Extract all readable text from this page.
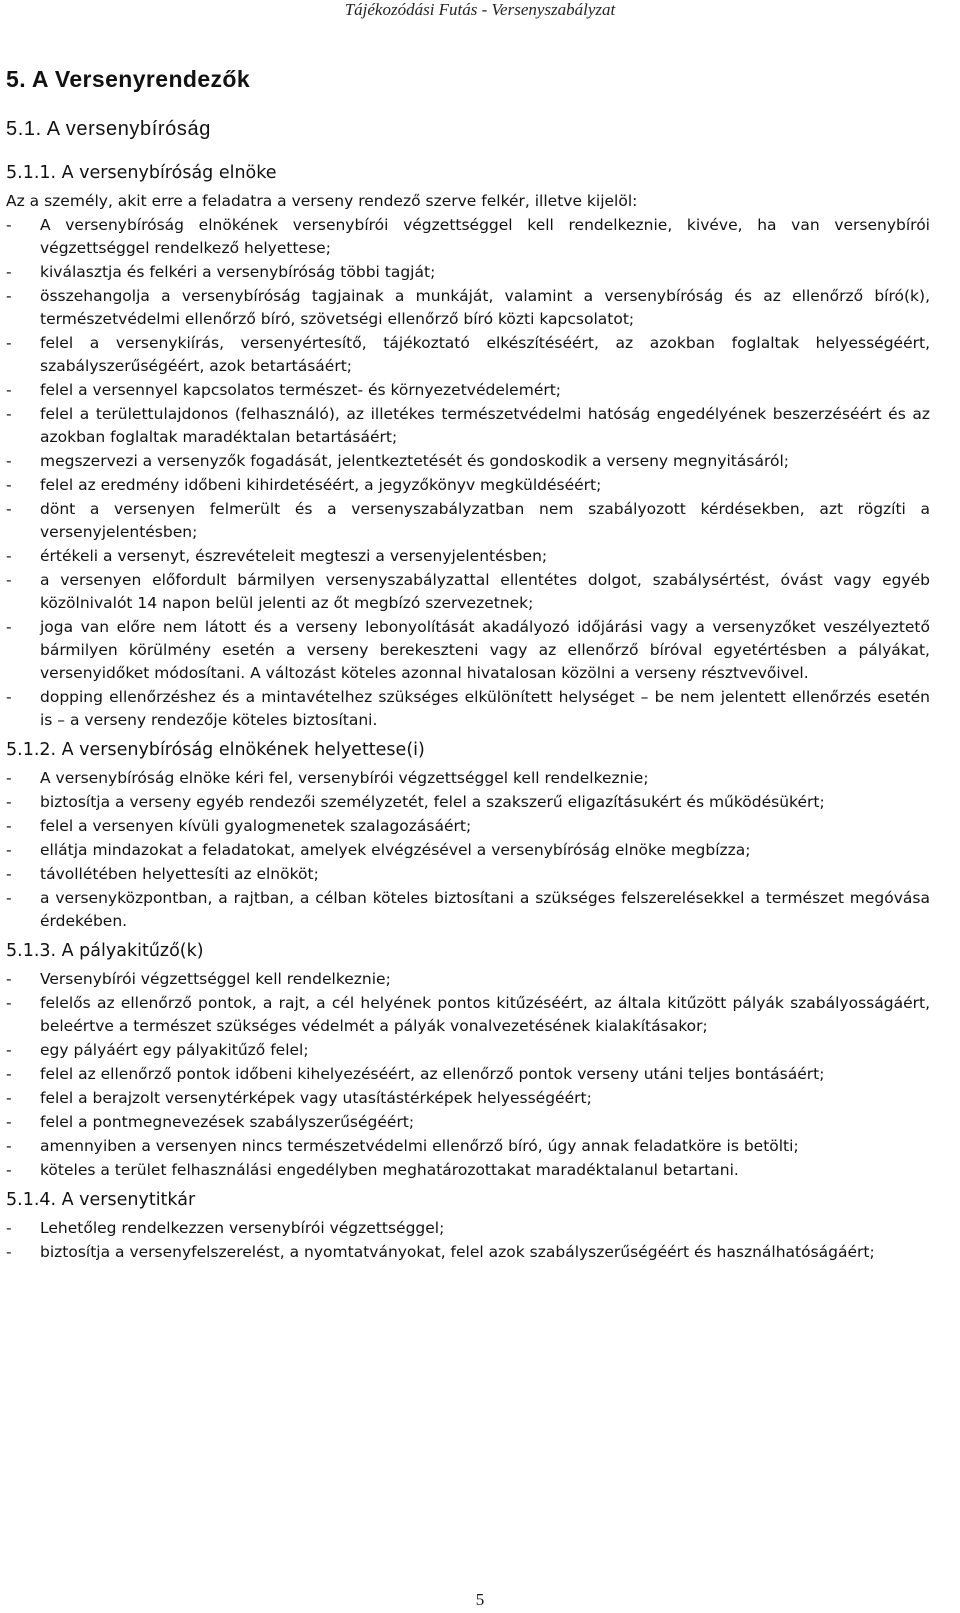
Tájékozódási Futás - Versenyszabályzat
5. A Versenyrendezők
5.1. A versenybíróság
5.1.1. A versenybíróság elnöke

Az a személy, akit erre a feladatra a verseny rendező szerve felkér, illetve kijelöl:

- A versenybíróság elnökének versenybírói végzettséggel kell rendelkeznie, kivéve, ha van versenybírói végzettséggel rendelkező helyettese;
- kiválasztja és felkéri a versenybíróság többi tagját;
- összehangolja a versenybíróság tagjainak a munkáját, valamint a versenybíróság és az ellenőrző bíró(k), természetvédelmi ellenőrző bíró, szövetségi ellenőrző bíró közti kapcsolatot;
- felel a versenykiírás, versenyértesítő, tájékoztató elkészítéséért, az azokban foglaltak helyességéért, szabályszerűségéért, azok betartásáért;
- felel a versennyel kapcsolatos természet- és környezetvédelemért;
- felel a területtulajdonos (felhasználó), az illetékes természetvédelmi hatóság engedélyének beszerzéséért és az azokban foglaltak maradéktalan betartásáért;
- megszervezi a versenyzők fogadását, jelentkeztetését és gondoskodik a verseny megnyitásáról;
- felel az eredmény időbeni kihirdetéséért, a jegyzőkönyv megküldéséért;
- dönt a versenyen felmerült és a versenyszabályzatban nem szabályozott kérdésekben, azt rögzíti a versenyjelentésben;
- értékeli a versenyt, észrevételeit megteszi a versenyjelentésben;
- a versenyen előfordult bármilyen versenyszabályzattal ellentétes dolgot, szabálysértést, óvást vagy egyéb közölnivalót 14 napon belül jelenti az őt megbízó szervezetnek;
- joga van előre nem látott és a verseny lebonyolítását akadályozó időjárási vagy a versenyzőket veszélyeztető bármilyen körülmény esetén a verseny berekeszteni vagy az ellenőrző bíróval egyetértésben a pályákat, versenyidőket módosítani. A változást köteles azonnal hivatalosan közölni a verseny résztvevőivel.
- dopping ellenőrzéshez és a mintavételhez szükséges elkülönített helységet – be nem jelentett ellenőrzés esetén is – a verseny rendezője köteles biztosítani.
5.1.2. A versenybíróság elnökének helyettese(i)
- A versenybíróság elnöke kéri fel, versenybírói végzettséggel kell rendelkeznie;
- biztosítja a verseny egyéb rendezői személyzetét, felel a szakszerű eligazításukért és működésükért;
- felel a versenyen kívüli gyalogmenetek szalagozásáért;
- ellátja mindazokat a feladatokat, amelyek elvégzésével a versenybíróság elnöke megbízza;
- távollétében helyettesíti az elnököt;
- a versenyközpontban, a rajtban, a célban köteles biztosítani a szükséges felszerelésekkel a természet megóvása érdekében.
5.1.3. A pályakitűző(k)
- Versenybírói végzettséggel kell rendelkeznie;
- felelős az ellenőrző pontok, a rajt, a cél helyének pontos kitűzéséért, az általa kitűzött pályák szabályosságáért, beleértve a természet szükséges védelmét a pályák vonalvezetésének kialakításakor;
- egy pályáért egy pályakitűző felel;
- felel az ellenőrző pontok időbeni kihelyezéséért, az ellenőrző pontok verseny utáni teljes bontásáért;
- felel a berajzolt versenytérképek vagy utasítástérképek helyességéért;
- felel a pontmegnevezések szabályszerűségéért;
- amennyiben a versenyen nincs természetvédelmi ellenőrző bíró, úgy annak feladatköre is betölti;
- köteles a terület felhasználási engedélyben meghatározottakat maradéktalanul betartani.
5.1.4. A versenytitkár
- Lehetőleg rendelkezzen versenybírói végzettséggel;
- biztosítja a versenyfelszerelést, a nyomtatványokat, felel azok szabályszerűségéért és használhatóságáért;
5
